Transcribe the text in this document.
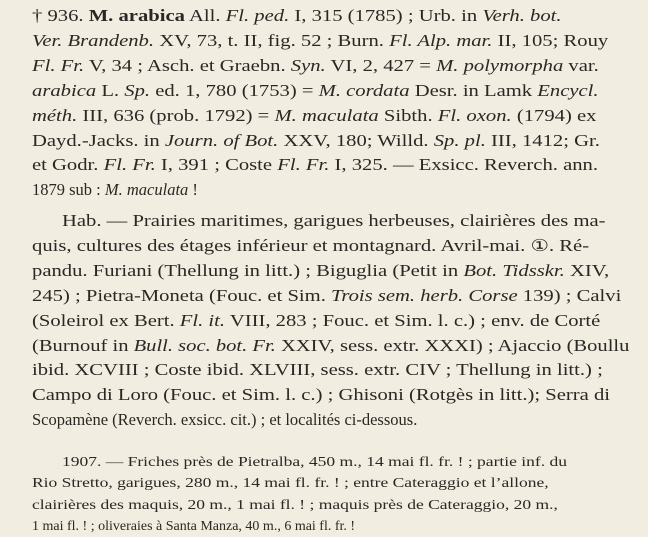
† 936. M. arabica All. Fl. ped. I, 315 (1785) ; Urb. in Verh. bot.
Ver. Brandenb. XV, 73, t. II, fig. 52 ; Burn. Fl. Alp. mar. II, 105; Rouy
Fl. Fr. V, 34 ; Asch. et Graebn. Syn. VI, 2, 427 = M. polymorpha var.
arabica L. Sp. ed. 1, 780 (1753) = M. cordata Desr. in Lamk Encycl.
méth. III, 636 (prob. 1792) = M. maculata Sibth. Fl. oxon. (1794) ex
Dayd.-Jacks. in Journ. of Bot. XXV, 180; Willd. Sp. pl. III, 1412; Gr.
et Godr. Fl. Fr. I, 391 ; Coste Fl. Fr. I, 325. — Exsicc. Reverch. ann.
1879 sub : M. maculata !
Hab. — Prairies maritimes, garigues herbeuses, clairières des ma-
quis, cultures des étages inférieur et montagnard. Avril-mai. ①. Ré-
pandu. Furiani (Thellung in litt.) ; Biguglia (Petit in Bot. Tidsskr. XIV,
245) ; Pietra-Moneta (Fouc. et Sim. Trois sem. herb. Corse 139) ; Calvi
(Soleirol ex Bert. Fl. it. VIII, 283 ; Fouc. et Sim. l. c.) ; env. de Corté
(Burnouf in Bull. soc. bot. Fr. XXIV, sess. extr. XXXI) ; Ajaccio (Boullu
ibid. XCVIII ; Coste ibid. XLVIII, sess. extr. CIV ; Thellung in litt.) ;
Campo di Loro (Fouc. et Sim. l. c.) ; Ghisoni (Rotgès in litt.); Serra di
Scopamène (Reverch. exsicc. cit.) ; et localités ci-dessous.
1907. — Friches près de Pietralba, 450 m., 14 mai fl. fr. ! ; partie inf. du
Rio Stretto, garigues, 280 m., 14 mai fl. fr. ! ; entre Cateraggio et l’allone,
clairières des maquis, 20 m., 1 mai fl. ! ; maquis près de Cateraggio, 20 m.,
1 mai fl. ! ; oliveraies à Santa Manza, 40 m., 6 mai fl. fr. !
